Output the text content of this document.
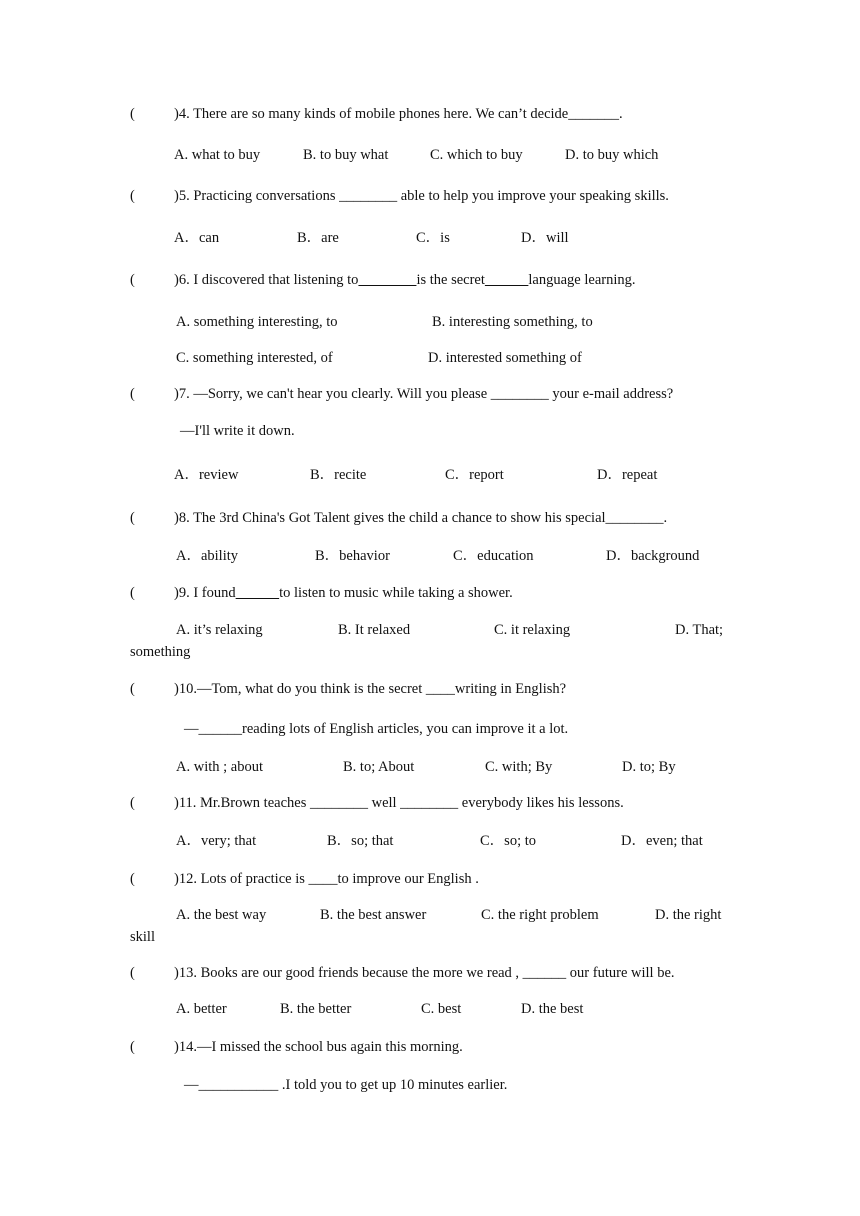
(	)4. There are so many kinds of mobile phones here. We can’t decide_______.
A. what to buy	B. to buy what	C. which to buy	D. to buy which
(	)5. Practicing conversations ________ able to help you improve your speaking skills.
A．can	B．are	C．is	D．will
(	)6. I discovered that listening to	is the secret	language learning.
A. something interesting, to	B. interesting something, to
C. something interested, of	D. interested something of
(	)7. —Sorry, we can't hear you clearly. Will you please ________ your e-mail address?
—I'll write it down.
A．review	B．recite	C．report	D．repeat
(	)8. The 3rd China's Got Talent gives the child a chance to show his special________.
A．ability	B．behavior	C．education	D．background
(	)9. I found	to listen to music while taking a shower.
A. it’s relaxing	B. It relaxed	C. it relaxing	D. That;
something
(	)10.—Tom, what do you think is the secret ____writing in English?
—______reading lots of English articles, you can improve it a lot.
A. with ; about	B. to; About	C. with; By	D. to; By
(	)11. Mr.Brown teaches ________ well ________ everybody likes his lessons.
A．very; that	B．so; that	C．so; to	D．even; that
(	)12. Lots of practice is ____to improve our English .
A. the best way	B. the best answer	C. the right problem	D. the right
skill
(	)13. Books are our good friends because the more we read , ______ our future will be.
A. better	B. the better	C. best	D. the best
(	)14.—I missed the school bus again this morning.
—___________ .I told you to get up 10 minutes earlier.
